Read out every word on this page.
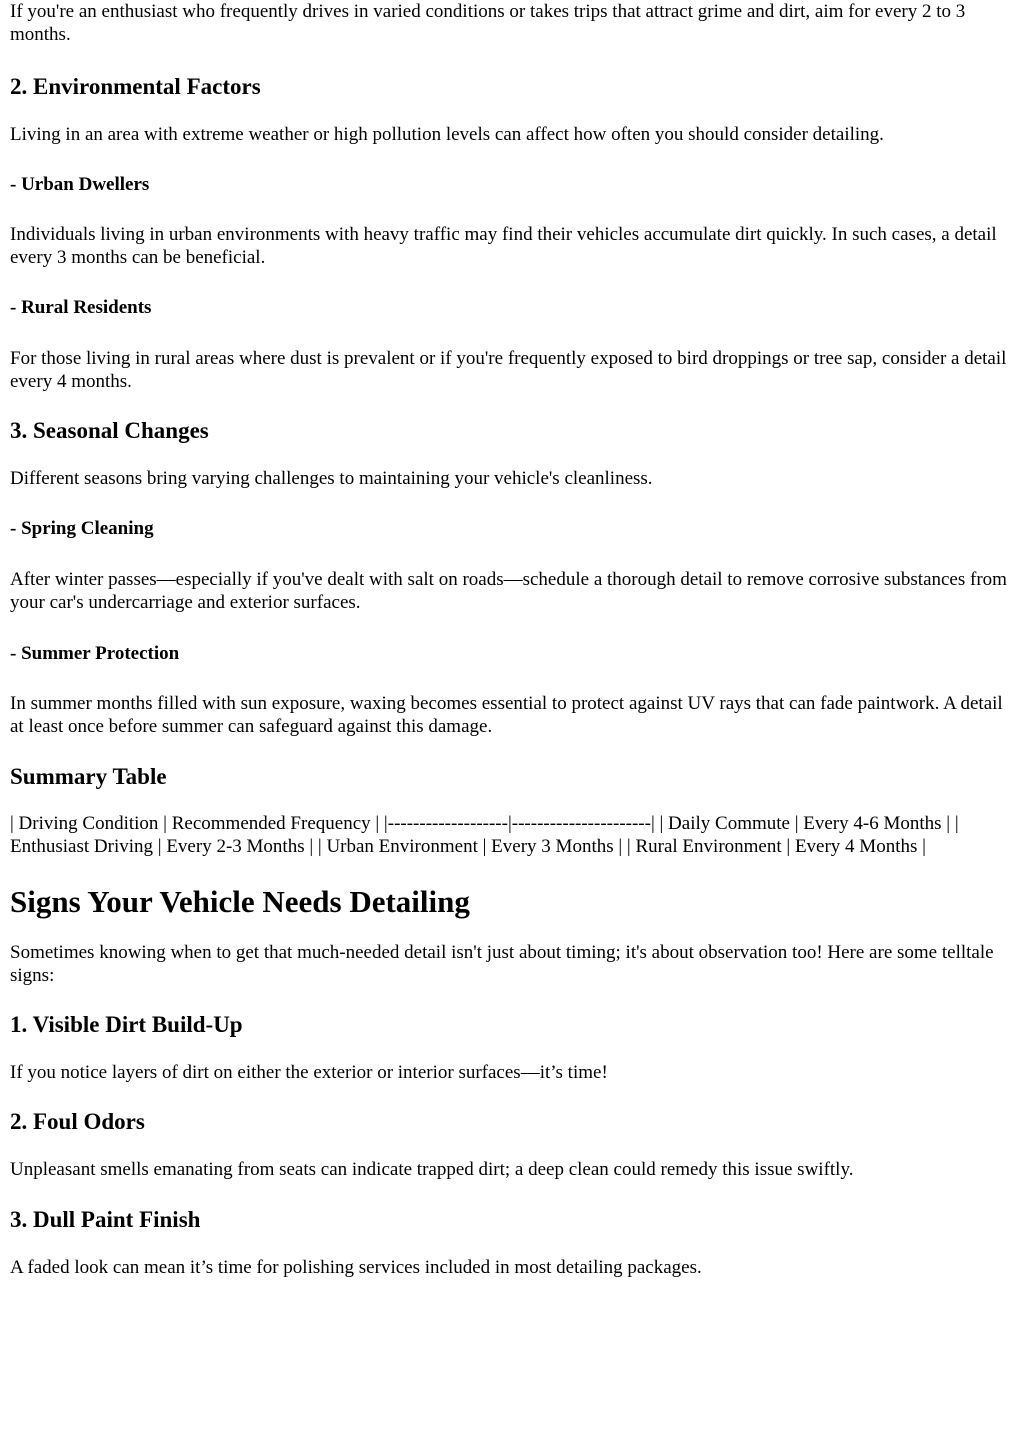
If you're an enthusiast who frequently drives in varied conditions or takes trips that attract grime and dirt, aim for every 2 to 3 months.

2. Environmental Factors

Living in an area with extreme weather or high pollution levels can affect how often you should consider detailing.

- Urban Dwellers

Individuals living in urban environments with heavy traffic may find their vehicles accumulate dirt quickly. In such cases, a detail every 3 months can be beneficial.

- Rural Residents

For those living in rural areas where dust is prevalent or if you're frequently exposed to bird droppings or tree sap, consider a detail every 4 months.

3. Seasonal Changes

Different seasons bring varying challenges to maintaining your vehicle's cleanliness.

- Spring Cleaning

After winter passes—especially if you've dealt with salt on roads—schedule a thorough detail to remove corrosive substances from your car's undercarriage and exterior surfaces.

- Summer Protection

In summer months filled with sun exposure, waxing becomes essential to protect against UV rays that can fade paintwork. A detail at least once before summer can safeguard against this damage.

Summary Table

| Driving Condition | Recommended Frequency | |-------------------|----------------------| | Daily Commute | Every 4-6 Months | | Enthusiast Driving | Every 2-3 Months | | Urban Environment | Every 3 Months | | Rural Environment | Every 4 Months |

Signs Your Vehicle Needs Detailing

Sometimes knowing when to get that much-needed detail isn't just about timing; it's about observation too! Here are some telltale signs:

1. Visible Dirt Build-Up

If you notice layers of dirt on either the exterior or interior surfaces—it’s time!

2. Foul Odors

Unpleasant smells emanating from seats can indicate trapped dirt; a deep clean could remedy this issue swiftly.

3. Dull Paint Finish

A faded look can mean it’s time for polishing services included in most detailing packages.
